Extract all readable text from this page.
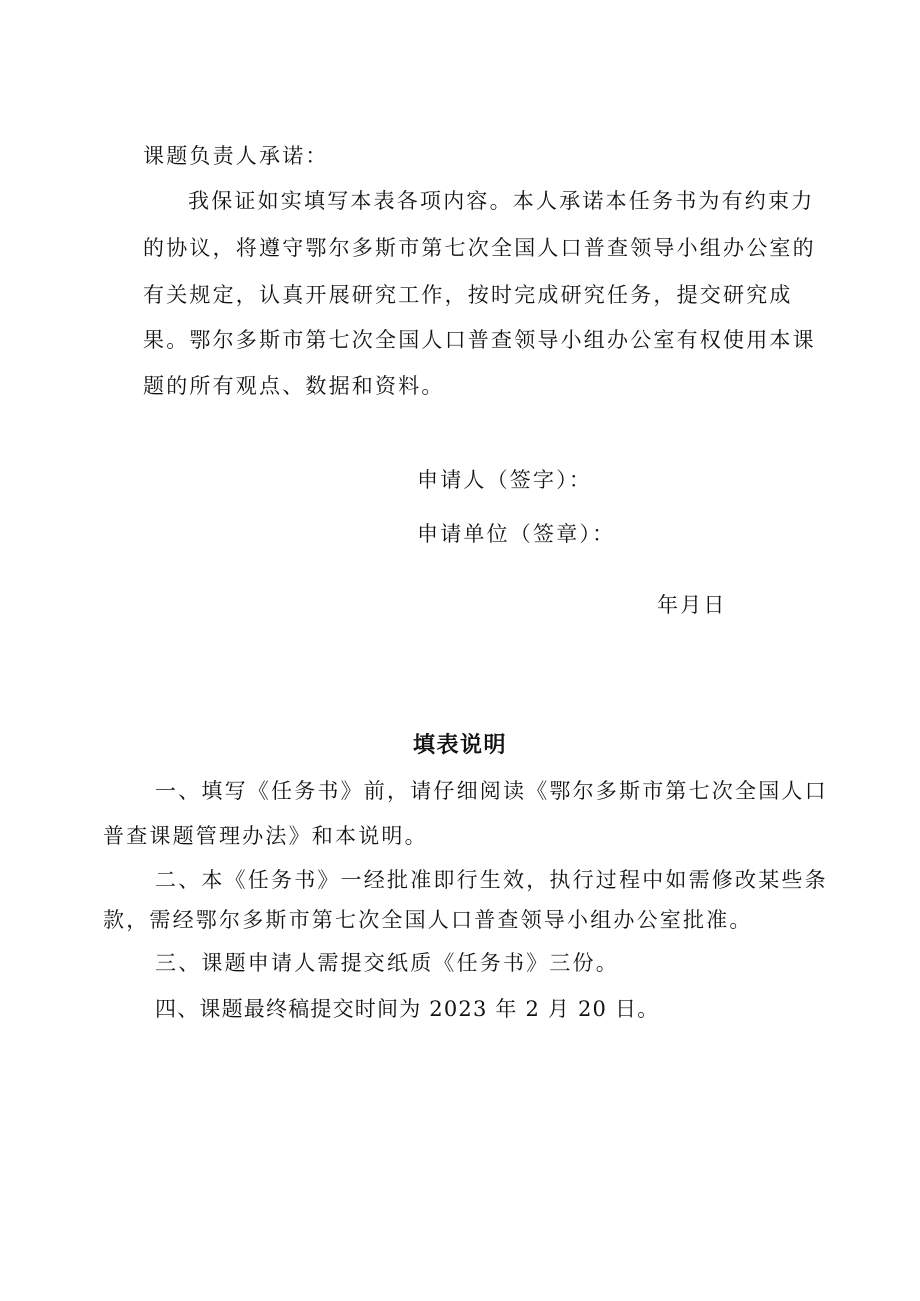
课题负责人承诺：
我保证如实填写本表各项内容。本人承诺本任务书为有约束力
的协议，将遵守鄂尔多斯市第七次全国人口普查领导小组办公室的
有关规定，认真开展研究工作，按时完成研究任务，提交研究成
果。鄂尔多斯市第七次全国人口普查领导小组办公室有权使用本课
题的所有观点、数据和资料。
申请人（签字）：
申请单位（签章）：
年月日
填表说明
一、填写《任务书》前，请仔细阅读《鄂尔多斯市第七次全国人口
普查课题管理办法》和本说明。
二、本《任务书》一经批准即行生效，执行过程中如需修改某些条
款，需经鄂尔多斯市第七次全国人口普查领导小组办公室批准。
三、课题申请人需提交纸质《任务书》三份。
四、课题最终稿提交时间为 2023 年 2 月 20 日。
